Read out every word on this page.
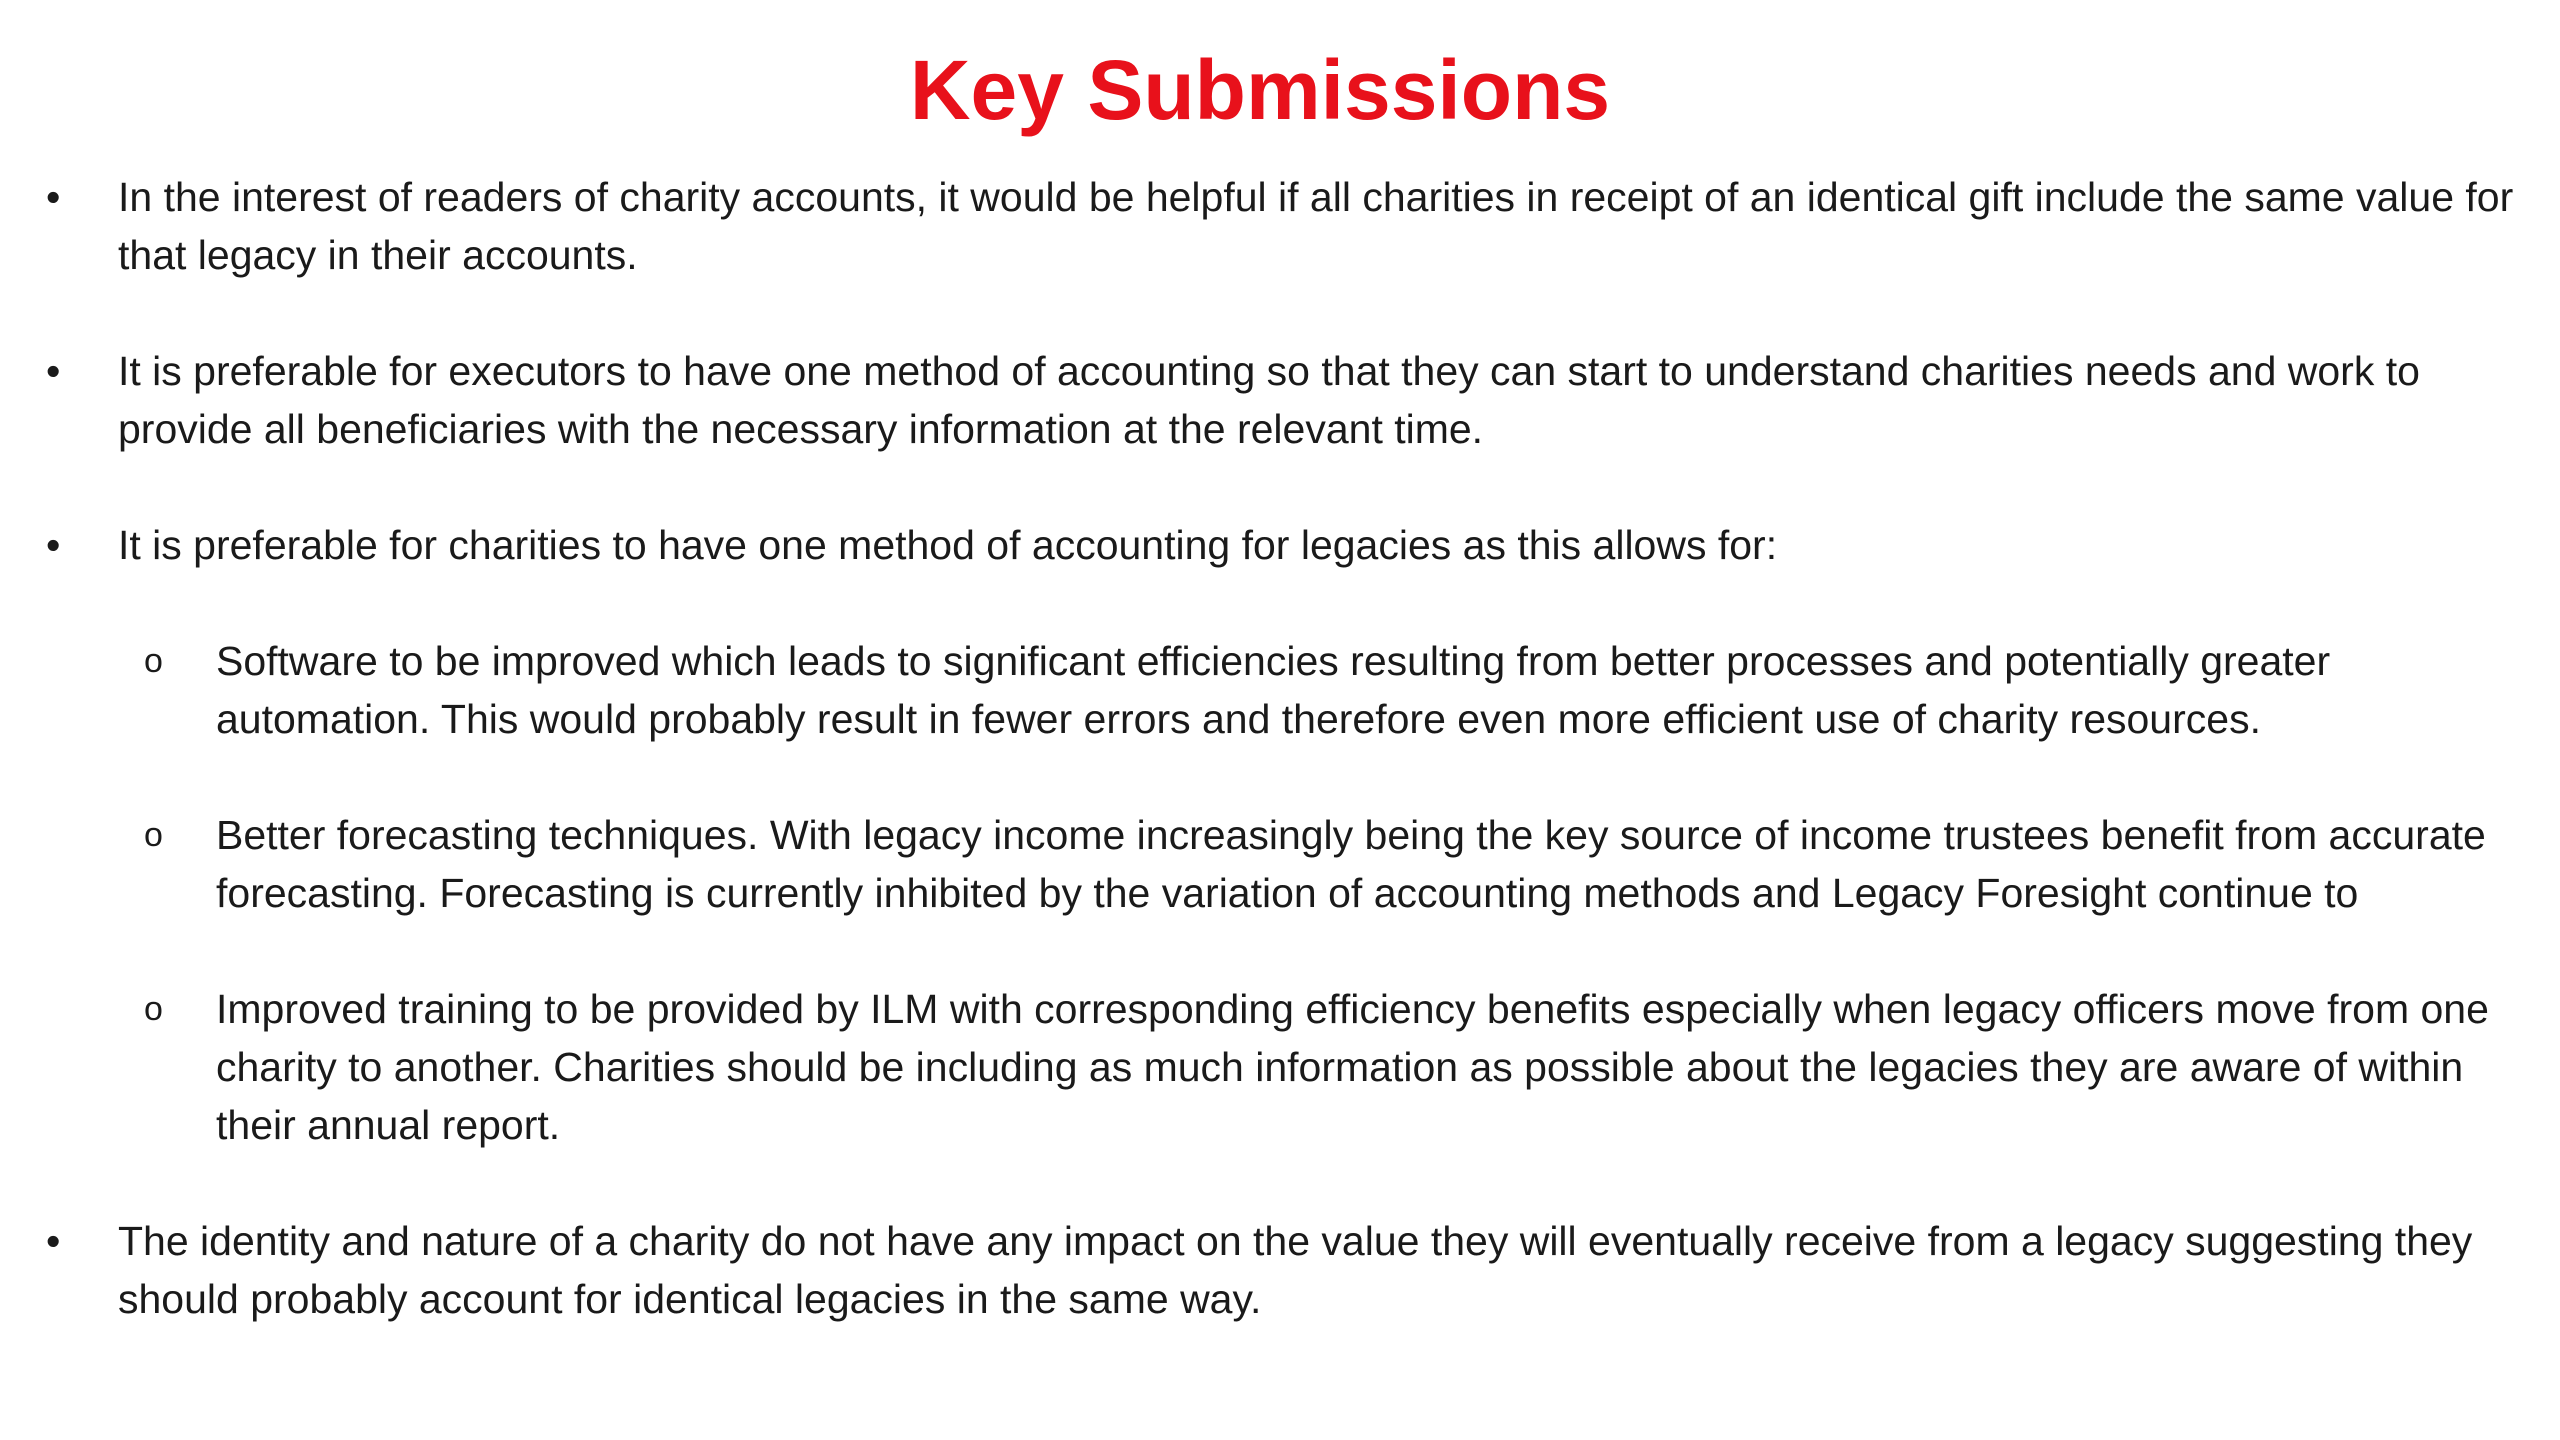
Key Submissions
• In the interest of readers of charity accounts, it would be helpful if all charities in receipt of an identical gift include the same value for that legacy in their accounts.
• It is preferable for executors to have one method of accounting so that they can start to understand charities needs and work to provide all beneficiaries with the necessary information at the relevant time.
• It is preferable for charities to have one method of accounting for legacies as this allows for:
o Software to be improved which leads to significant efficiencies resulting from better processes and potentially greater automation. This would probably result in fewer errors and therefore even more efficient use of charity resources.
o Better forecasting techniques. With legacy income increasingly being the key source of income trustees benefit from accurate forecasting. Forecasting is currently inhibited by the variation of accounting methods and Legacy Foresight continue to
o Improved training to be provided by ILM with corresponding efficiency benefits especially when legacy officers move from one charity to another. Charities should be including as much information as possible about the legacies they are aware of within their annual report.
• The identity and nature of a charity do not have any impact on the value they will eventually receive from a legacy suggesting they should probably account for identical legacies in the same way.
